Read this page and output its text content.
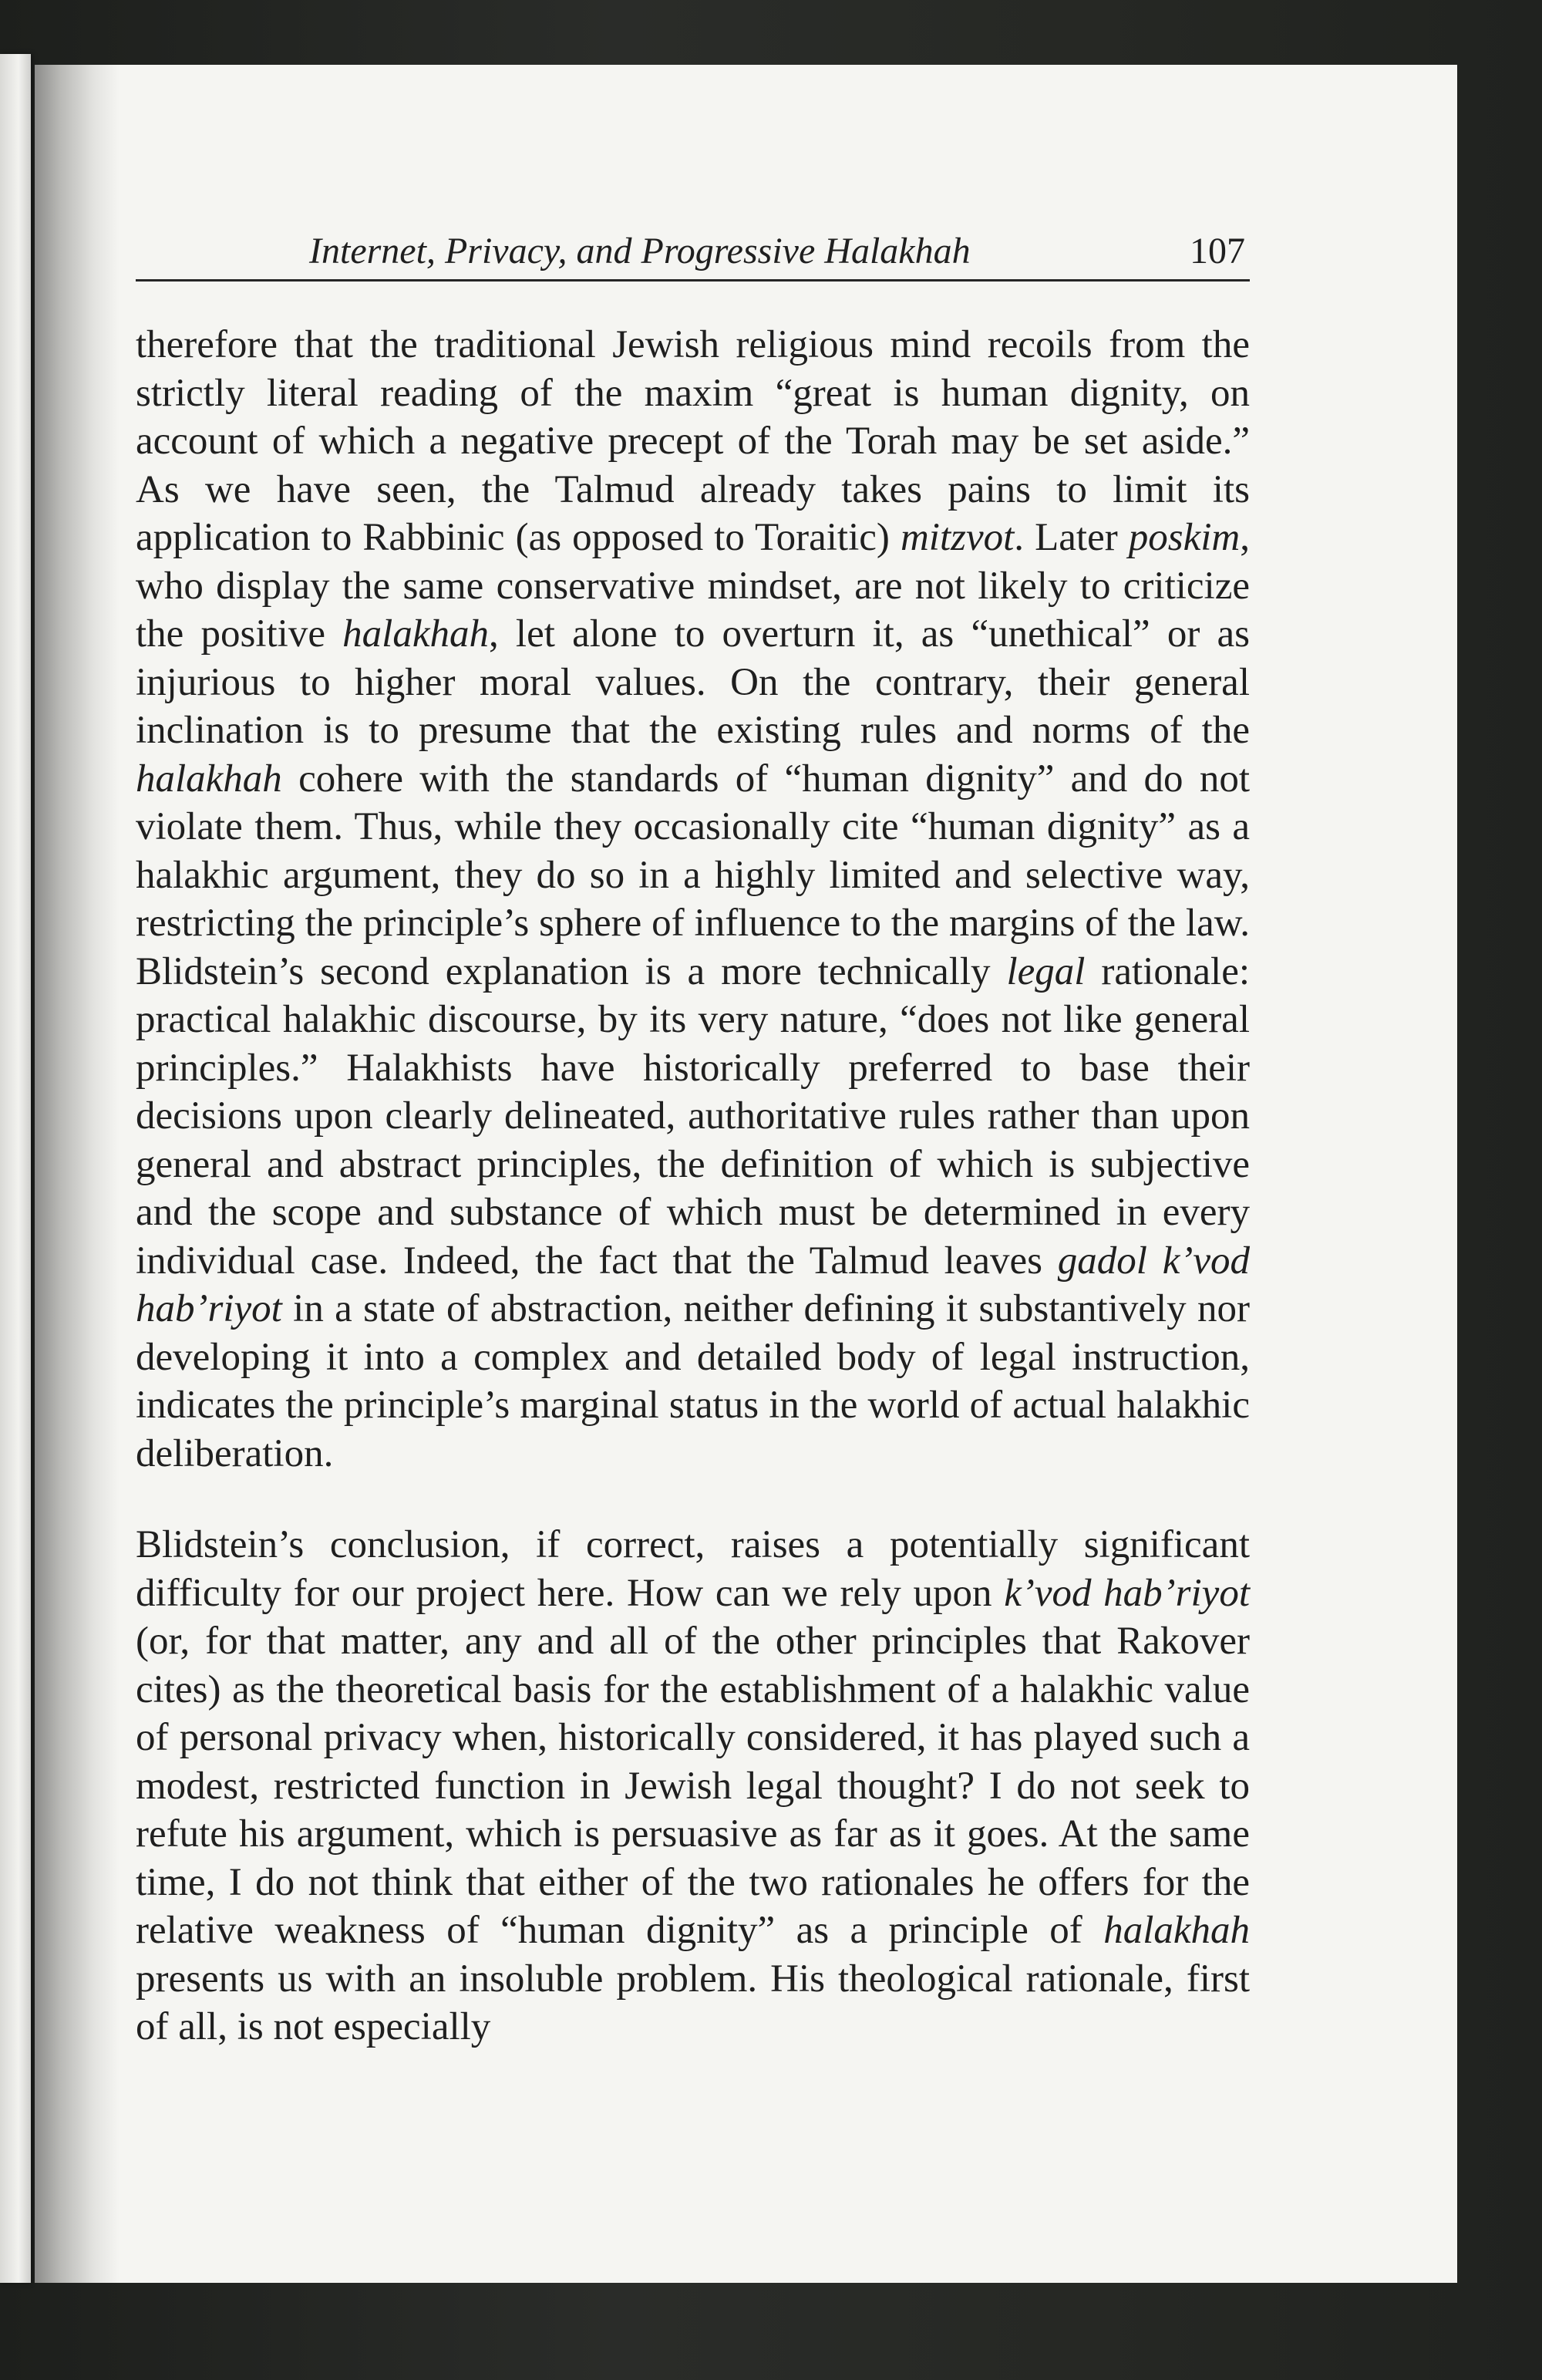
Internet, Privacy, and Progressive Halakhah	107

therefore that the traditional Jewish religious mind recoils from the strictly literal reading of the maxim “great is human dignity, on account of which a negative precept of the Torah may be set aside.” As we have seen, the Talmud already takes pains to limit its application to Rabbinic (as opposed to Toraitic) mitzvot. Later poskim, who display the same conservative mindset, are not likely to criticize the positive halakhah, let alone to overturn it, as “unethical” or as injurious to higher moral values. On the contrary, their general inclination is to presume that the existing rules and norms of the halakhah cohere with the standards of “human dignity” and do not violate them. Thus, while they occasionally cite “human dignity” as a halakhic argument, they do so in a highly limited and selective way, restricting the principle’s sphere of influence to the margins of the law. Blidstein’s second explanation is a more technically legal rationale: practical halakhic discourse, by its very nature, “does not like general principles.” Halakhists have historically preferred to base their decisions upon clearly delineated, authoritative rules rather than upon general and abstract principles, the definition of which is subjective and the scope and substance of which must be determined in every individual case. Indeed, the fact that the Talmud leaves gadol k’vod hab’riyot in a state of abstraction, neither defining it substantively nor developing it into a complex and detailed body of legal instruction, indicates the principle’s marginal status in the world of actual halakhic deliberation.

Blidstein’s conclusion, if correct, raises a potentially significant difficulty for our project here. How can we rely upon k’vod hab’riyot (or, for that matter, any and all of the other principles that Rakover cites) as the theoretical basis for the establishment of a halakhic value of personal privacy when, historically considered, it has played such a modest, restricted function in Jewish legal thought? I do not seek to refute his argument, which is persuasive as far as it goes. At the same time, I do not think that either of the two rationales he offers for the relative weakness of “human dignity” as a principle of halakhah presents us with an insoluble problem. His theological rationale, first of all, is not especially
